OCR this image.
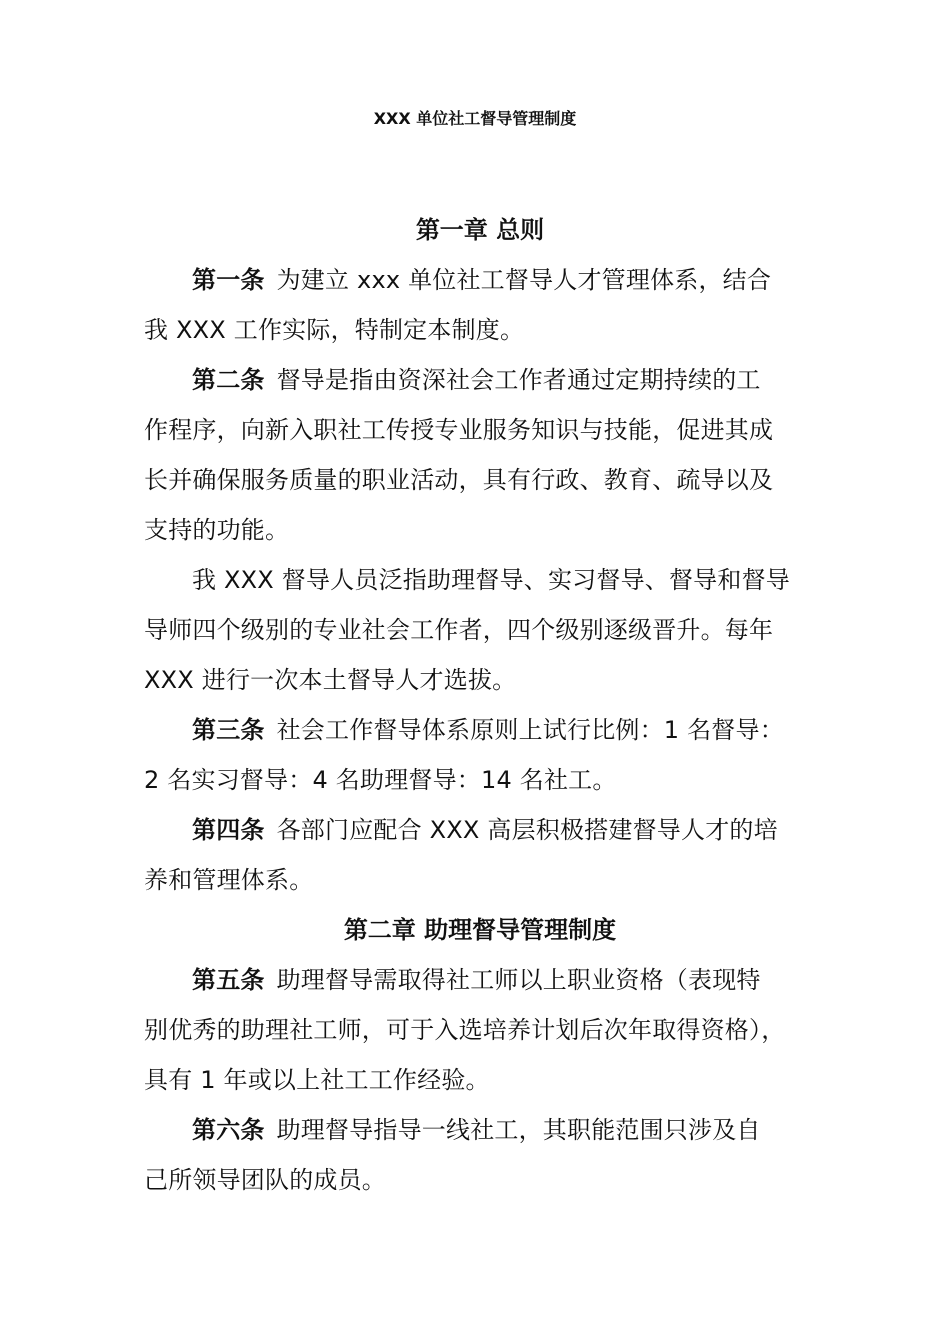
XXX 单位社工督导管理制度
第一章 总则
第一条 为建立 xxx 单位社工督导人才管理体系，结合
我 XXX 工作实际，特制定本制度。
第二条 督导是指由资深社会工作者通过定期持续的工
作程序，向新入职社工传授专业服务知识与技能，促进其成
长并确保服务质量的职业活动，具有行政、教育、疏导以及
支持的功能。
我 XXX 督导人员泛指助理督导、实习督导、督导和督导
导师四个级别的专业社会工作者，四个级别逐级晋升。每年
XXX 进行一次本土督导人才选拔。
第三条 社会工作督导体系原则上试行比例：1 名督导：
2 名实习督导：4 名助理督导：14 名社工。
第四条 各部门应配合 XXX 高层积极搭建督导人才的培
养和管理体系。
第二章 助理督导管理制度
第五条 助理督导需取得社工师以上职业资格（表现特
别优秀的助理社工师，可于入选培养计划后次年取得资格），
具有 1 年或以上社工工作经验。
第六条 助理督导指导一线社工，其职能范围只涉及自
己所领导团队的成员。
